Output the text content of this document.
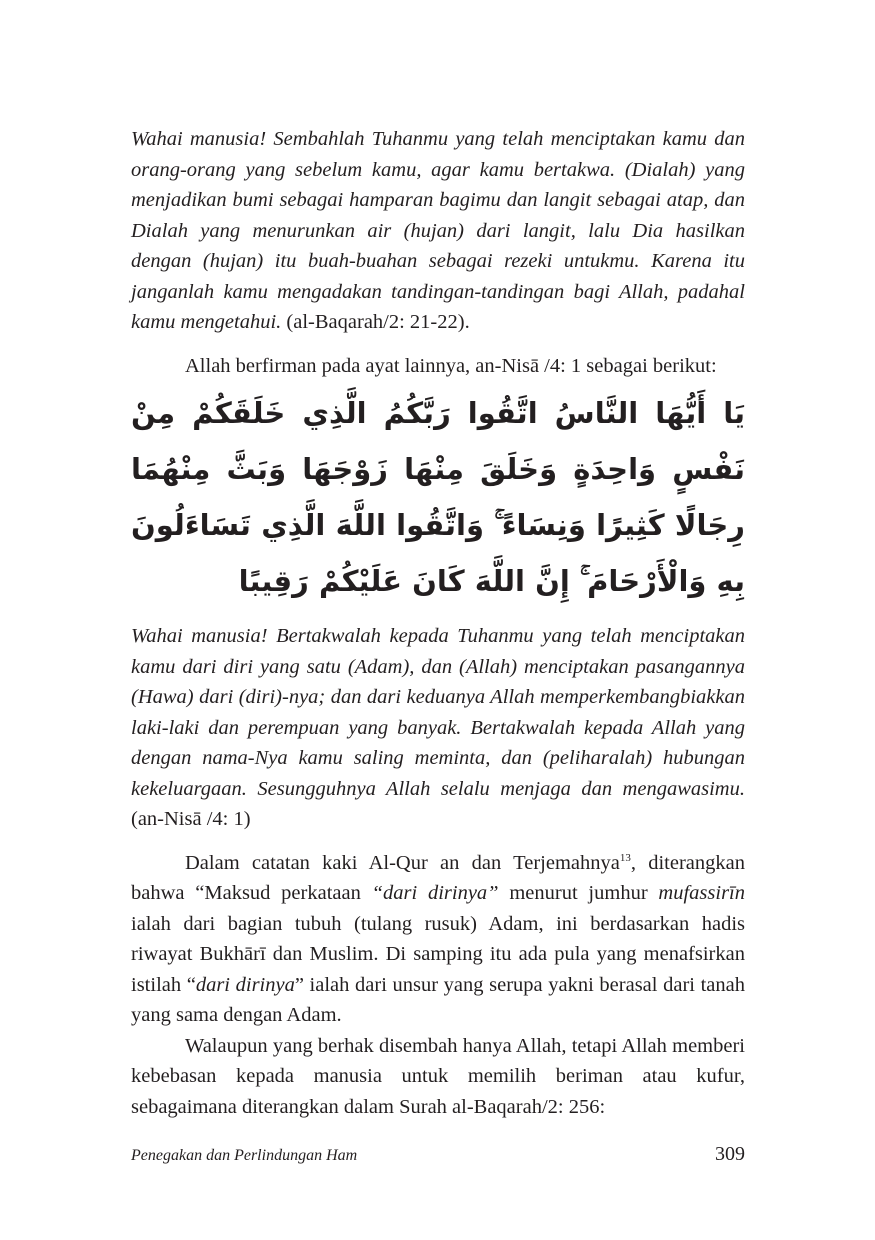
Wahai manusia! Sembahlah Tuhanmu yang telah menciptakan kamu dan orang-orang yang sebelum kamu, agar kamu bertakwa. (Dialah) yang menjadikan bumi sebagai hamparan bagimu dan langit sebagai atap, dan Dialah yang menurunkan air (hujan) dari langit, lalu Dia hasilkan dengan (hujan) itu buah-buahan sebagai rezeki untukmu. Karena itu janganlah kamu mengadakan tandingan-tandingan bagi Allah, padahal kamu mengetahui. (al-Baqarah/2: 21-22).

Allah berfirman pada ayat lainnya, an-Nisā /4: 1 sebagai berikut:

يَا أَيُّهَا النَّاسُ اتَّقُوا رَبَّكُمُ الَّذِي خَلَقَكُمْ مِنْ نَفْسٍ وَاحِدَةٍ وَخَلَقَ مِنْهَا زَوْجَهَا وَبَثَّ مِنْهُمَا رِجَالًا كَثِيرًا وَنِسَاءً ۚ وَاتَّقُوا اللَّهَ الَّذِي تَسَاءَلُونَ بِهِ وَالْأَرْحَامَ ۚ إِنَّ اللَّهَ كَانَ عَلَيْكُمْ رَقِيبًا

Wahai manusia! Bertakwalah kepada Tuhanmu yang telah menciptakan kamu dari diri yang satu (Adam), dan (Allah) menciptakan pasangannya (Hawa) dari (diri)-nya; dan dari keduanya Allah memperkembangbiakkan laki-laki dan perempuan yang banyak. Bertakwalah kepada Allah yang dengan nama-Nya kamu saling meminta, dan (peliharalah) hubungan kekeluargaan. Sesungguhnya Allah selalu menjaga dan mengawasimu. (an-Nisā /4: 1)

Dalam catatan kaki Al-Qur an dan Terjemahnya$^{13}$, diterangkan bahwa “Maksud perkataan “dari dirinya” menurut jumhur mufassirīn ialah dari bagian tubuh (tulang rusuk) Adam, ini berdasarkan hadis riwayat Bukhārī dan Muslim. Di samping itu ada pula yang menafsirkan istilah “dari dirinya” ialah dari unsur yang serupa yakni berasal dari tanah yang sama dengan Adam.

Walaupun yang berhak disembah hanya Allah, tetapi Allah memberi kebebasan kepada manusia untuk memilih beriman atau kufur, sebagaimana diterangkan dalam Surah al-Baqarah/2: 256:

Penegakan dan Perlindungan Ham	309
